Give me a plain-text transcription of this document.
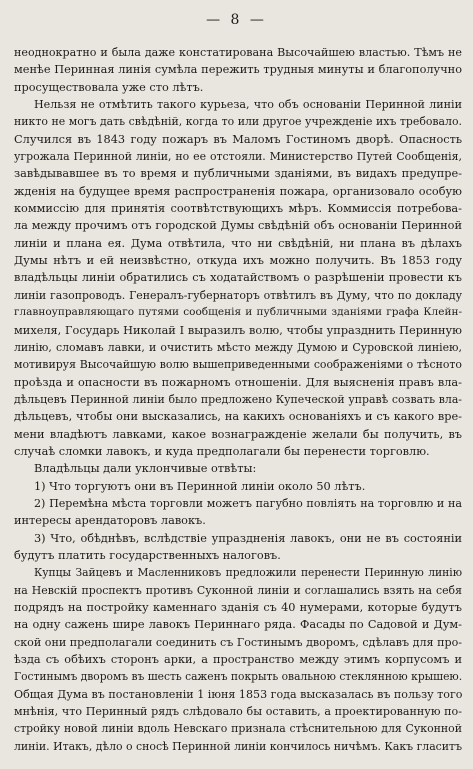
— 8 —
неоднократно и была даже констатирована Высочайшею властью. Тѣмъ не
менѣе Перинная линія сумѣла пережить трудныя минуты и благополучно
просуществовала уже сто лѣтъ.
Нельзя не отмѣтить такого курьеза, что объ основаніи Перинной линіи
никто не могъ дать свѣдѣній, когда то или другое учрежденіе ихъ требовало.
Случился въ 1843 году пожаръ въ Маломъ Гостиномъ дворѣ. Опасность
угрожала Перинной линіи, но ее отстояли. Министерство Путей Сообщенія,
завѣдывавшее въ то время и публичными зданіями, въ видахъ предупре-
жденія на будущее время распространенія пожара, организовало особую
коммиссію для принятія соотвѣтствующихъ мѣръ. Коммиссія потребова-
ла между прочимъ отъ городской Думы свѣдѣній объ основаніи Перинной
линіи и плана ея. Дума отвѣтила, что ни свѣдѣній, ни плана въ дѣлахъ
Думы нѣтъ и ей неизвѣстно, откуда ихъ можно получить. Въ 1853 году
владѣльцы линіи обратились съ ходатайствомъ о разрѣшеніи провести къ
линіи газопроводъ. Генералъ-губернаторъ отвѣтилъ въ Думу, что по докладу
главноуправляющаго путями сообщенія и публичными зданіями графа Клейн-
михеля, Государь Николай I выразилъ волю, чтобы упразднить Перинную
линію, сломавъ лавки, и очистить мѣсто между Думою и Суровской линіею,
мотивируя Высочайшую волю вышеприведенными соображеніями о тѣсното
проѣзда и опасности въ пожарномъ отношеніи. Для выясненія правъ вла-
дѣльцевъ Перинной линіи было предложено Купеческой управѣ созвать вла-
дѣльцевъ, чтобы они высказались, на какихъ основаніяхъ и съ какого вре-
мени владѣютъ лавками, какое вознагражденіе желали бы получить, въ
случаѣ сломки лавокъ, и куда предполагали бы перенести торговлю.
Владѣльцы дали уклончивые отвѣты:
1) Что торгуютъ они въ Перинной линіи около 50 лѣтъ.
2) Перемѣна мѣста торговли можетъ пагубно повліять на торговлю и на
интересы арендаторовъ лавокъ.
3) Что, обѣднѣвъ, вслѣдствіе упраздненія лавокъ, они не въ состояніи
будутъ платить государственныхъ налоговъ.
Купцы Зайцевъ и Масленниковъ предложили перенести Перинную линію
на Невскій проспектъ противъ Суконной линіи и соглашались взять на себя
подрядъ на постройку каменнаго зданія съ 40 нумерами, которые будутъ
на одну сажень шире лавокъ Периннаго ряда. Фасады по Садовой и Дум-
ской они предполагали соединить съ Гостинымъ дворомъ, сдѣлавъ для про-
ѣзда съ обѣихъ сторонъ арки, а пространство между этимъ корпусомъ и
Гостинымъ дворомъ въ шесть саженъ покрыть овальною стеклянною крышею.
Общая Дума въ постановленіи 1 іюня 1853 года высказалась въ пользу того
мнѣнія, что Перинный рядъ слѣдовало бы оставить, а проектированную по-
стройку новой линіи вдоль Невскаго признала стѣснительною для Суконной
линіи. Итакъ, дѣло о сносѣ Перинной линіи кончилось ничѣмъ. Какъ гласитъ
